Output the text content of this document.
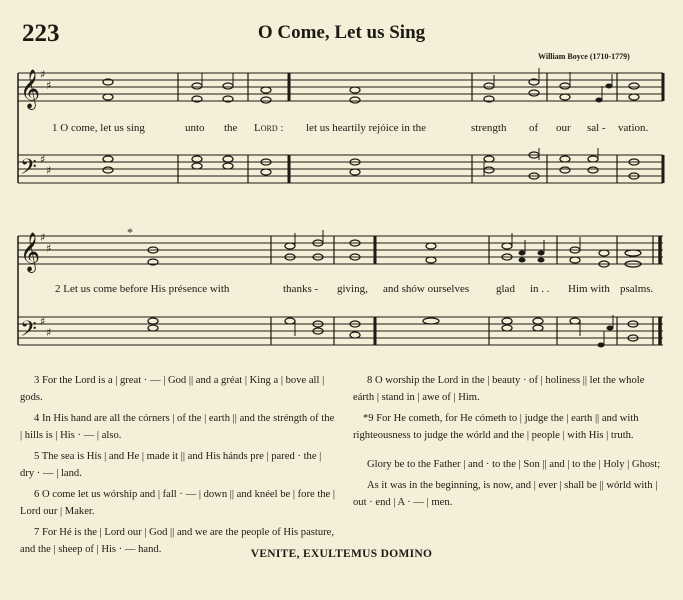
223	O Come, Let us Sing
William Boyce (1710-1779)
𝄞
𝄢
𝄞
𝄢
♯
♯
♯
♯
♯
♯
♯
♯
1 O come, let us sing	unto the Lord : let us heartily rejóice in the	strength of our sal - vation.
*
2 Let us come before His présence with	thanks - giving, and shów ourselves glad in . . Him with psalms.

3 For the Lord is a | great · — | God || and a gréat | King a | bove all | gods.

4 In His hand are all the córners | of the | earth || and the stréngth of the | hills is | His · — | also.

5 The sea is Hís | and He | made it || and His hánds pre | pared · the | dry · — | land.

6 O come let us wórship and | fall · — | down || and knéel be | fore the | Lord our | Maker.

7 For Hé is the | Lord our | God || and we are the people of His pasture, and the | sheep of | His · — hand.

8 O worship the Lord in the | beauty · of | holiness || let the whole eárth | stand in | awe of | Him.

*9 For He cometh, for He cómeth to | judge the | earth || and with righteousness to judge the wórld and the | people | with His | truth.

Glory be to the Father | and · to the | Son || and | to the | Holy | Ghost;

As it was in the beginning, is now, and | ever | shall be || wórld with | out · end | A · — | men.

VENITE, EXULTEMUS DOMINO
